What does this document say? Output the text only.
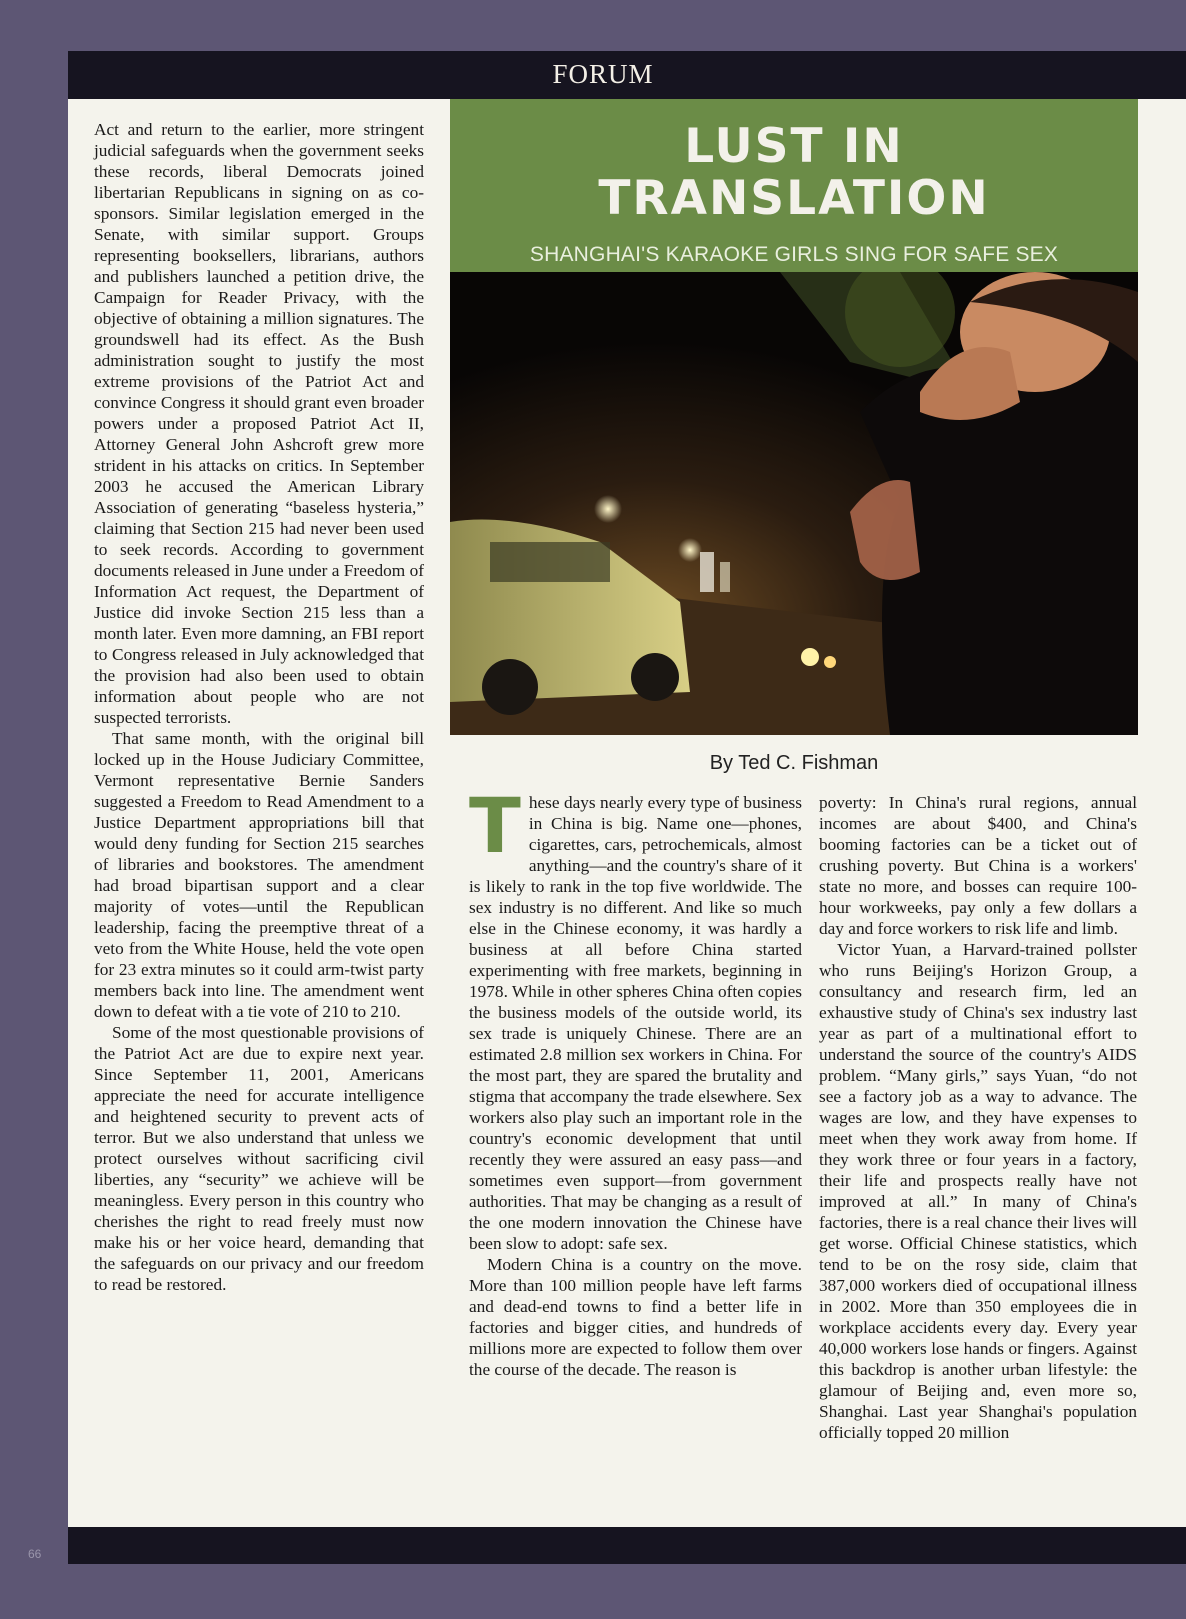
FORUM

Act and return to the earlier, more stringent judicial safeguards when the government seeks these records, liberal Democrats joined libertarian Republicans in signing on as co-sponsors. Similar legislation emerged in the Senate, with similar support. Groups representing booksellers, librarians, authors and publishers launched a petition drive, the Campaign for Reader Privacy, with the objective of obtaining a million signatures. The groundswell had its effect. As the Bush administration sought to justify the most extreme provisions of the Patriot Act and convince Congress it should grant even broader powers under a proposed Patriot Act II, Attorney General John Ashcroft grew more strident in his attacks on critics. In September 2003 he accused the American Library Association of generating “baseless hysteria,” claiming that Section 215 had never been used to seek records. According to government documents released in June under a Freedom of Information Act request, the Department of Justice did invoke Section 215 less than a month later. Even more damning, an FBI report to Congress released in July acknowledged that the provision had also been used to obtain information about people who are not suspected terrorists.

That same month, with the original bill locked up in the House Judiciary Committee, Vermont representative Bernie Sanders suggested a Freedom to Read Amendment to a Justice Department appropriations bill that would deny funding for Section 215 searches of libraries and bookstores. The amendment had broad bipartisan support and a clear majority of votes—until the Republican leadership, facing the preemptive threat of a veto from the White House, held the vote open for 23 extra minutes so it could arm-twist party members back into line. The amendment went down to defeat with a tie vote of 210 to 210.

Some of the most questionable provisions of the Patriot Act are due to expire next year. Since September 11, 2001, Americans appreciate the need for accurate intelligence and heightened security to prevent acts of terror. But we also understand that unless we protect ourselves without sacrificing civil liberties, any “security” we achieve will be meaningless. Every person in this country who cherishes the right to read freely must now make his or her voice heard, demanding that the safeguards on our privacy and our freedom to read be restored.

LUST IN
TRANSLATION
SHANGHAI'S KARAOKE GIRLS SING FOR SAFE SEX
By Ted C. Fishman

These days nearly every type of business in China is big. Name one—phones, cigarettes, cars, petrochemicals, almost anything—and the country's share of it is likely to rank in the top five worldwide. The sex industry is no different. And like so much else in the Chinese economy, it was hardly a business at all before China started experimenting with free markets, beginning in 1978. While in other spheres China often copies the business models of the outside world, its sex trade is uniquely Chinese. There are an estimated 2.8 million sex workers in China. For the most part, they are spared the brutality and stigma that accompany the trade elsewhere. Sex workers also play such an important role in the country's economic development that until recently they were assured an easy pass—and sometimes even support—from government authorities. That may be changing as a result of the one modern innovation the Chinese have been slow to adopt: safe sex.

Modern China is a country on the move. More than 100 million people have left farms and dead-end towns to find a better life in factories and bigger cities, and hundreds of millions more are expected to follow them over the course of the decade. The reason is

poverty: In China's rural regions, annual incomes are about $400, and China's booming factories can be a ticket out of crushing poverty. But China is a workers' state no more, and bosses can require 100-hour workweeks, pay only a few dollars a day and force workers to risk life and limb.

Victor Yuan, a Harvard-trained pollster who runs Beijing's Horizon Group, a consultancy and research firm, led an exhaustive study of China's sex industry last year as part of a multinational effort to understand the source of the country's AIDS problem. “Many girls,” says Yuan, “do not see a factory job as a way to advance. The wages are low, and they have expenses to meet when they work away from home. If they work three or four years in a factory, their life and prospects really have not improved at all.” In many of China's factories, there is a real chance their lives will get worse. Official Chinese statistics, which tend to be on the rosy side, claim that 387,000 workers died of occupational illness in 2002. More than 350 employees die in workplace accidents every day. Every year 40,000 workers lose hands or fingers. Against this backdrop is another urban lifestyle: the glamour of Beijing and, even more so, Shanghai. Last year Shanghai's population officially topped 20 million

66
